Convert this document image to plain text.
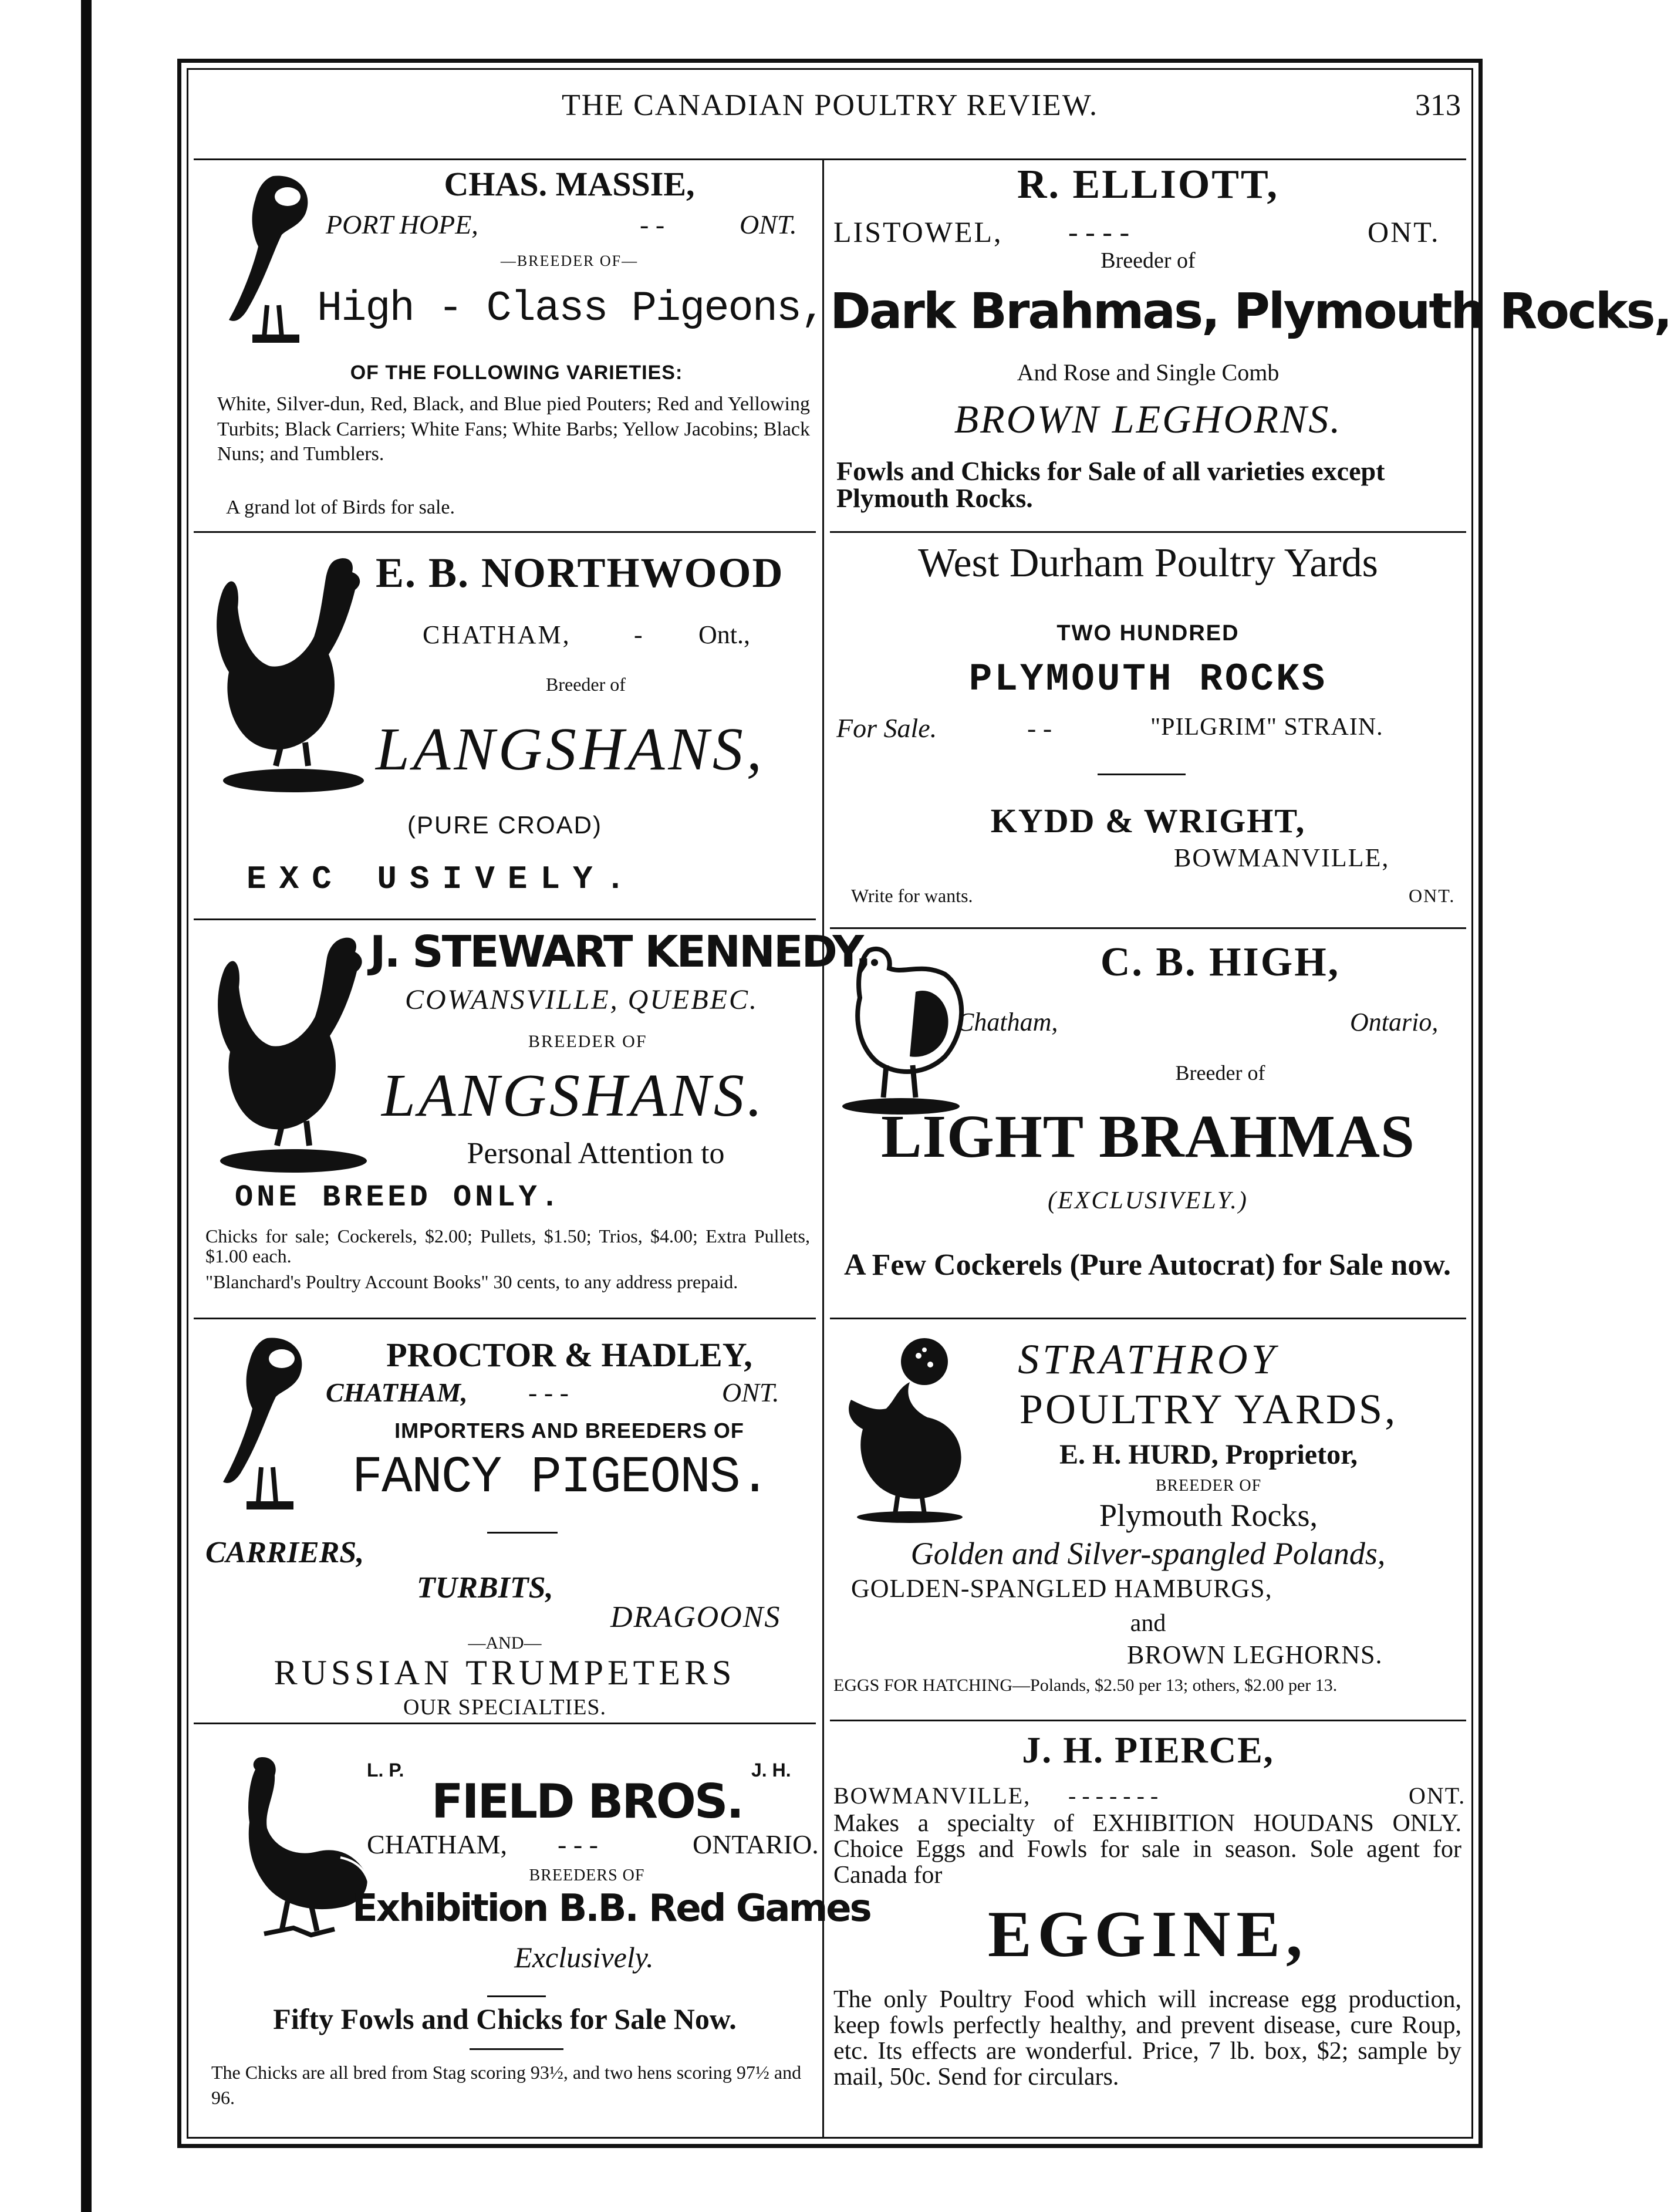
THE CANADIAN POULTRY REVIEW.	313
CHAS. MASSIE,
PORT HOPE,	- -	ONT.
—BREEDER OF—
High - Class Pigeons,
OF THE FOLLOWING VARIETIES:
White, Silver-dun, Red, Black, and Blue pied Pouters; Red and Yellowing Turbits; Black Carriers; White Fans; White Barbs; Yellow Jacobins; Black Nuns; and Tumblers.
A grand lot of Birds for sale.
R. ELLIOTT,
LISTOWEL, - - - -	ONT.
Breeder of
Dark Brahmas, Plymouth Rocks,
And Rose and Single Comb
BROWN LEGHORNS.
Fowls and Chicks for Sale of all varieties except Plymouth Rocks.
E. B. NORTHWOOD
CHATHAM, - Ont.,
Breeder of
LANGSHANS,
(PURE CROAD)
EXC USIVELY.
West Durham Poultry Yards
TWO HUNDRED
PLYMOUTH ROCKS
For Sale.	- -	"PILGRIM" STRAIN.
KYDD & WRIGHT,
BOWMANVILLE,
Write for wants.	ONT.
J. STEWART KENNEDY,
COWANSVILLE, QUEBEC.
BREEDER OF
LANGSHANS.
Personal Attention to
ONE BREED ONLY.
Chicks for sale; Cockerels, $2.00; Pullets, $1.50; Trios, $4.00; Extra Pullets, $1.00 each.
"Blanchard's Poultry Account Books" 30 cents, to any address prepaid.
C. B. HIGH,
Chatham,	Ontario,
Breeder of
LIGHT BRAHMAS
(EXCLUSIVELY.)
A Few Cockerels (Pure Autocrat) for Sale now.
PROCTOR & HADLEY,
CHATHAM, - - -	ONT.
IMPORTERS AND BREEDERS OF
FANCY PIGEONS.
CARRIERS,
TURBITS,
DRAGOONS
—AND—
RUSSIAN TRUMPETERS
OUR SPECIALTIES.
STRATHROY
POULTRY YARDS,
E. H. HURD, Proprietor,
BREEDER OF
Plymouth Rocks,
Golden and Silver-spangled Polands,
GOLDEN-SPANGLED HAMBURGS,
and
BROWN LEGHORNS.
EGGS FOR HATCHING—Polands, $2.50 per 13; others, $2.00 per 13.
L. P.	J. H.
FIELD BROS.
CHATHAM, - - -	ONTARIO.
BREEDERS OF
Exhibition B.B. Red Games
Exclusively.
Fifty Fowls and Chicks for Sale Now.
The Chicks are all bred from Stag scoring 93½, and two hens scoring 97½ and 96.
J. H. PIERCE,
BOWMANVILLE, - - - - - - -	ONT.
Makes a specialty of EXHIBITION HOUDANS ONLY. Choice Eggs and Fowls for sale in season. Sole agent for Canada for
EGGINE,
The only Poultry Food which will increase egg production, keep fowls perfectly healthy, and prevent disease, cure Roup, etc. Its effects are wonderful. Price, 7 lb. box, $2; sample by mail, 50c. Send for circulars.
